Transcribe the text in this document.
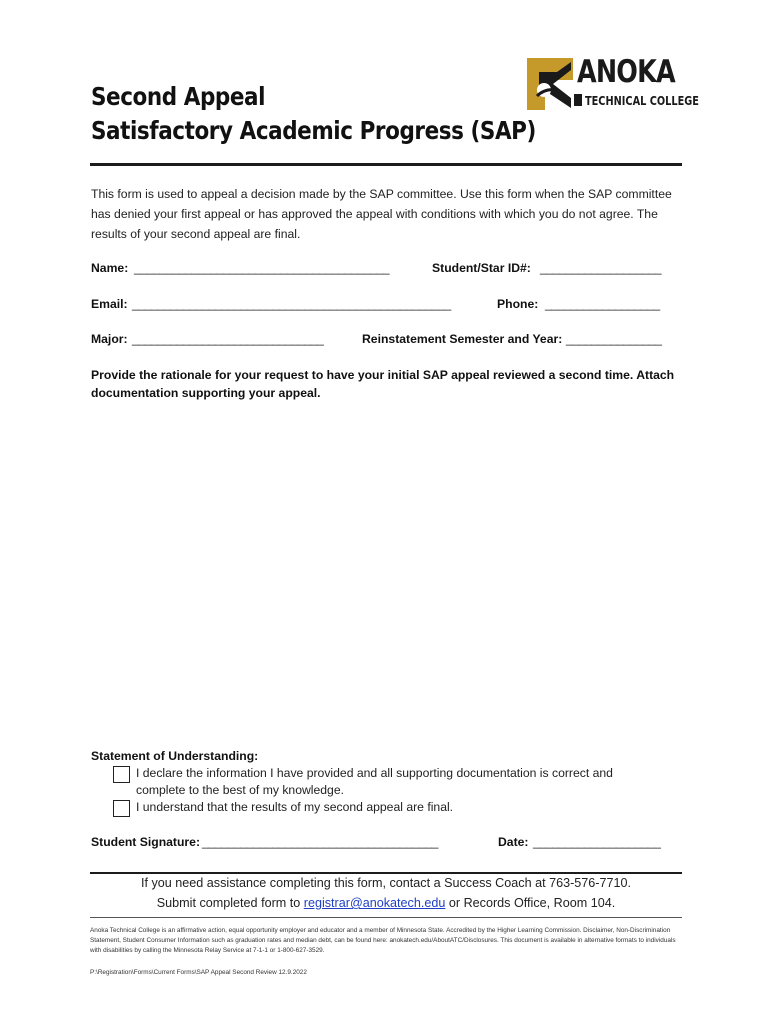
Second Appeal
Satisfactory Academic Progress (SAP)
ANOKA
TECHNICAL COLLEGE
This form is used to appeal a decision made by the SAP committee. Use this form when the SAP committee has denied your first appeal or has approved the appeal with conditions with which you do not agree. The results of your second appeal are final.
Name: ________________________________________	Student/Star ID#: ___________________
Email: __________________________________________________	Phone: __________________
Major: ______________________________	Reinstatement Semester and Year: _______________
Provide the rationale for your request to have your initial SAP appeal reviewed a second time. Attach documentation supporting your appeal.
Statement of Understanding:
I declare the information I have provided and all supporting documentation is correct and
complete to the best of my knowledge.
I understand that the results of my second appeal are final.
Student Signature: _____________________________________	Date: ____________________
If you need assistance completing this form, contact a Success Coach at 763-576-7710.
Submit completed form to registrar@anokatech.edu or Records Office, Room 104.
Anoka Technical College is an affirmative action, equal opportunity employer and educator and a member of Minnesota State. Accredited by the Higher Learning Commission. Disclaimer, Non-Discrimination Statement, Student Consumer Information such as graduation rates and median debt, can be found here: anokatech.edu/AboutATC/Disclosures. This document is available in alternative formats to individuals with disabilities by calling the Minnesota Relay Service at 7-1-1 or 1-800-627-3529.
P:\Registration\Forms\Current Forms\SAP Appeal Second Review 12.9.2022
